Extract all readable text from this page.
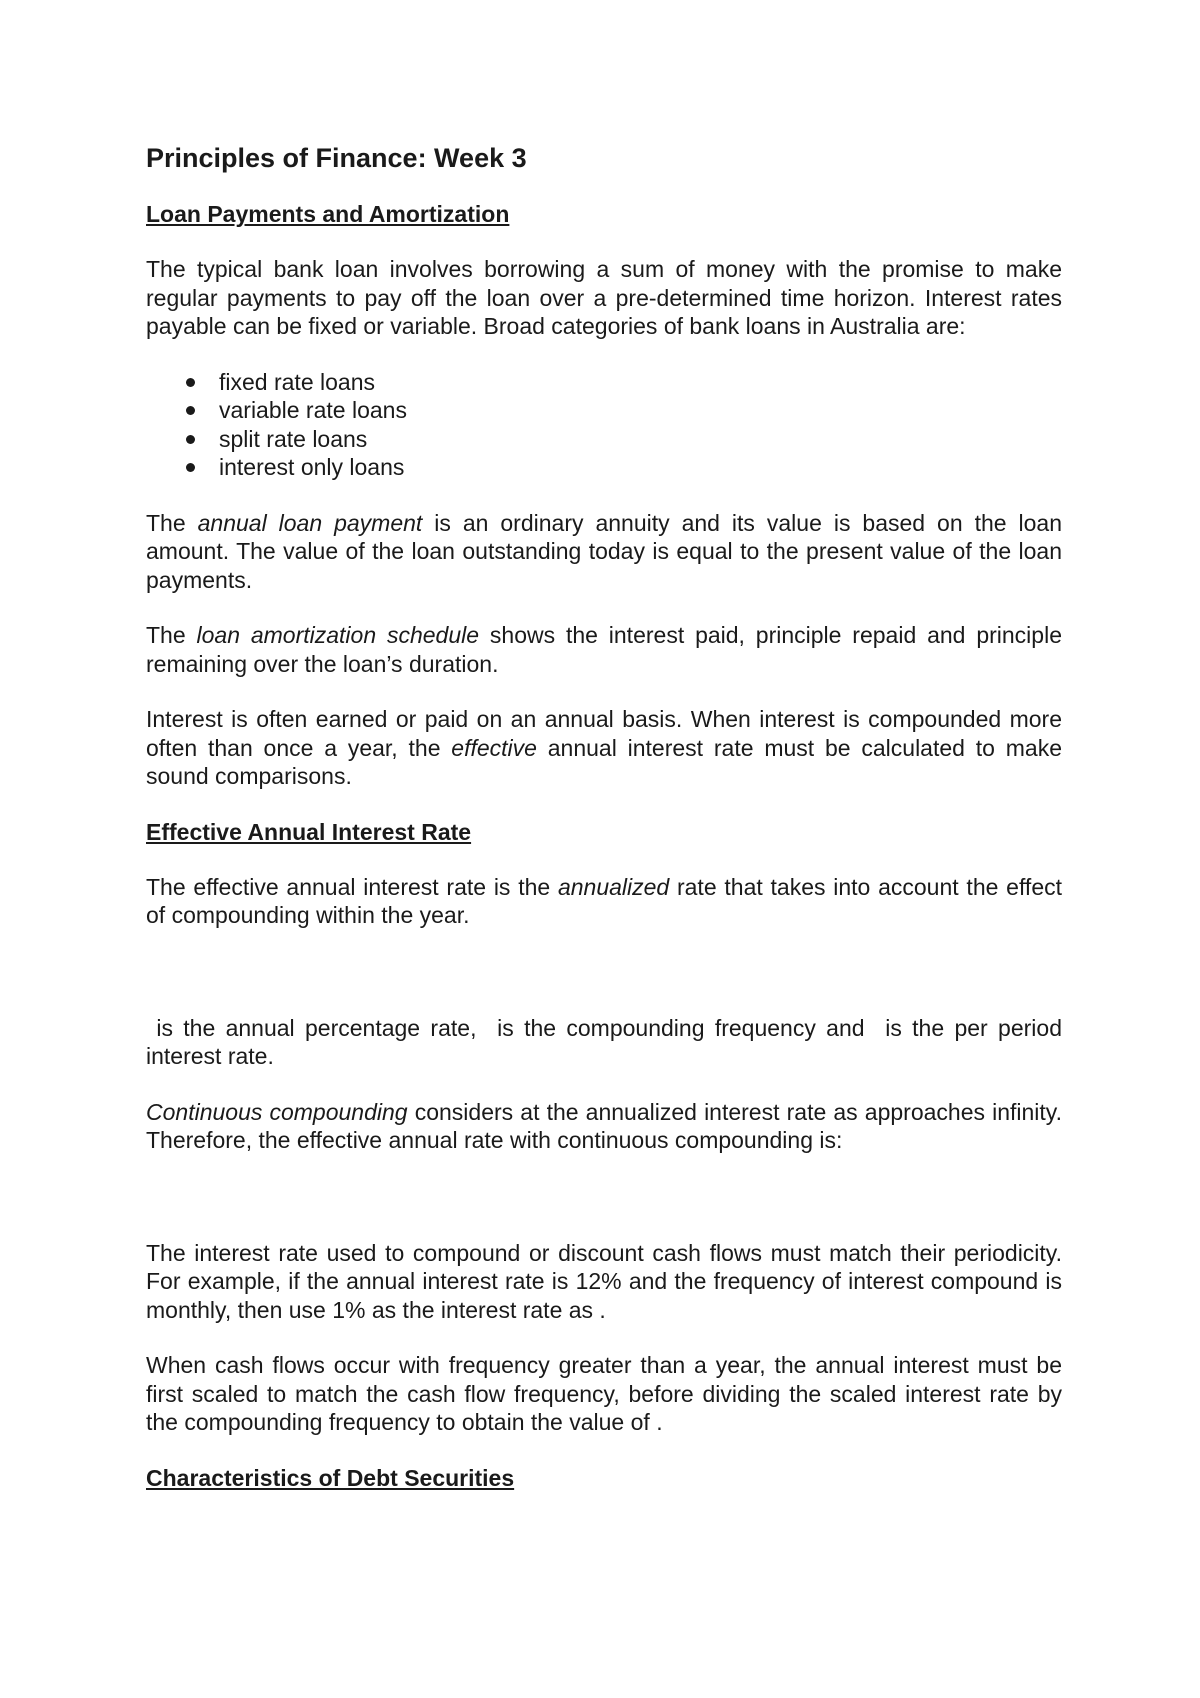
Principles of Finance: Week 3
Loan Payments and Amortization

The typical bank loan involves borrowing a sum of money with the promise to make regular payments to pay off the loan over a pre-determined time horizon. Interest rates payable can be fixed or variable. Broad categories of bank loans in Australia are:

fixed rate loans
variable rate loans
split rate loans
interest only loans

The annual loan payment is an ordinary annuity and its value is based on the loan amount. The value of the loan outstanding today is equal to the present value of the loan payments.

The loan amortization schedule shows the interest paid, principle repaid and principle remaining over the loan’s duration.

Interest is often earned or paid on an annual basis. When interest is compounded more often than once a year, the effective annual interest rate must be calculated to make sound comparisons.

Effective Annual Interest Rate

The effective annual interest rate is the annualized rate that takes into account the effect of compounding within the year.

is the annual percentage rate,  is the compounding frequency and  is the per period interest rate.

Continuous compounding considers at the annualized interest rate as approaches infinity. Therefore, the effective annual rate with continuous compounding is:

The interest rate used to compound or discount cash flows must match their periodicity. For example, if the annual interest rate is 12% and the frequency of interest compound is monthly, then use 1% as the interest rate as .

When cash flows occur with frequency greater than a year, the annual interest must be first scaled to match the cash flow frequency, before dividing the scaled interest rate by the compounding frequency to obtain the value of .

Characteristics of Debt Securities
